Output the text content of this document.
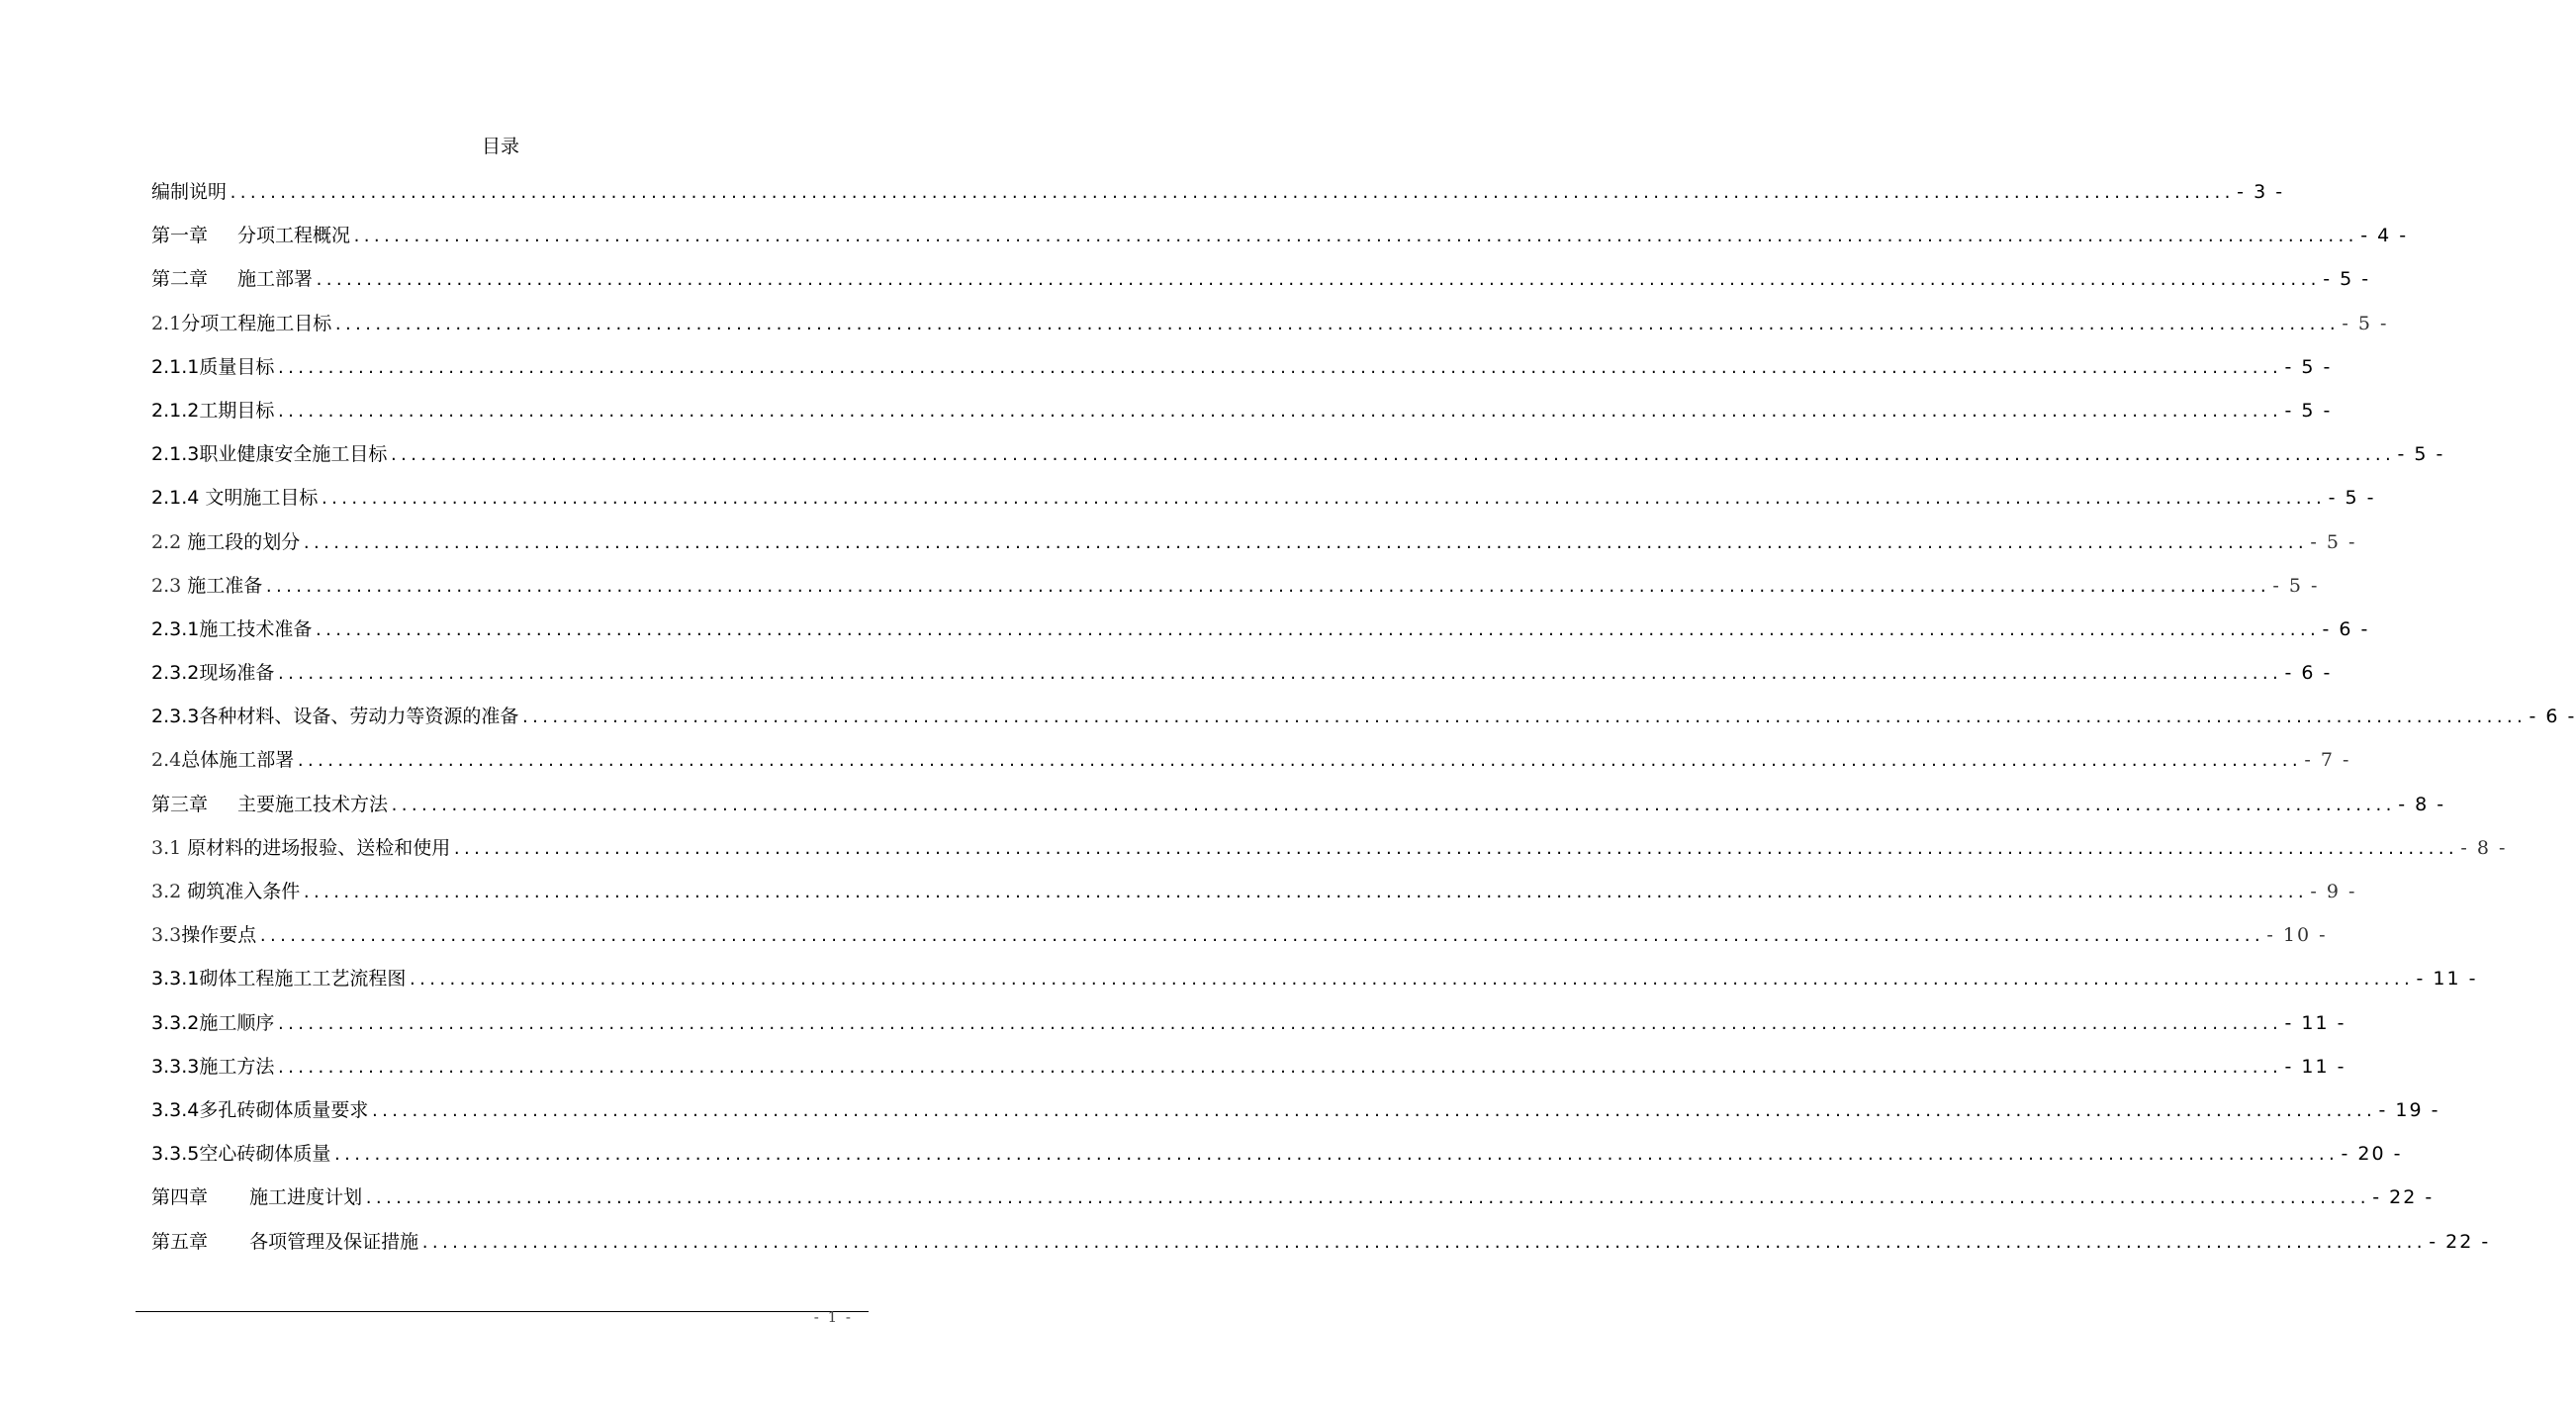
目录
编制说明 ........................................................................................................................................................................................................ - 3 -
第一章 分项工程概况 ........................................................................................................................................................................................................ - 4 -
第二章 施工部署 ........................................................................................................................................................................................................ - 5 -
2.1 分项工程施工目标 ........................................................................................................................................................................................................ - 5 -
2.1.1 质量目标 ........................................................................................................................................................................................................ - 5 -
2.1.2 工期目标 ........................................................................................................................................................................................................ - 5 -
2.1.3 职业健康安全施工目标 ........................................................................................................................................................................................................ - 5 -
2.1.4 文明施工目标 ........................................................................................................................................................................................................ - 5 -
2.2 施工段的划分 ........................................................................................................................................................................................................ - 5 -
2.3 施工准备 ........................................................................................................................................................................................................ - 5 -
2.3.1 施工技术准备 ........................................................................................................................................................................................................ - 6 -
2.3.2 现场准备 ........................................................................................................................................................................................................ - 6 -
2.3.3 各种材料、设备、劳动力等资源的准备 ........................................................................................................................................................................................................ - 6 -
2.4 总体施工部署 ........................................................................................................................................................................................................ - 7 -
第三章 主要施工技术方法 ........................................................................................................................................................................................................ - 8 -
3.1 原材料的进场报验、送检和使用 ........................................................................................................................................................................................................ - 8 -
3.2 砌筑准入条件 ........................................................................................................................................................................................................ - 9 -
3.3 操作要点 ........................................................................................................................................................................................................ - 10 -
3.3.1 砌体工程施工工艺流程图 ........................................................................................................................................................................................................ - 11 -
3.3.2 施工顺序 ........................................................................................................................................................................................................ - 11 -
3.3.3 施工方法 ........................................................................................................................................................................................................ - 11 -
3.3.4 多孔砖砌体质量要求 ........................................................................................................................................................................................................ - 19 -
3.3.5 空心砖砌体质量 ........................................................................................................................................................................................................ - 20 -
第四章 施工进度计划 ........................................................................................................................................................................................................ - 22 -
第五章 各项管理及保证措施 ........................................................................................................................................................................................................ - 22 -
- 1 -
